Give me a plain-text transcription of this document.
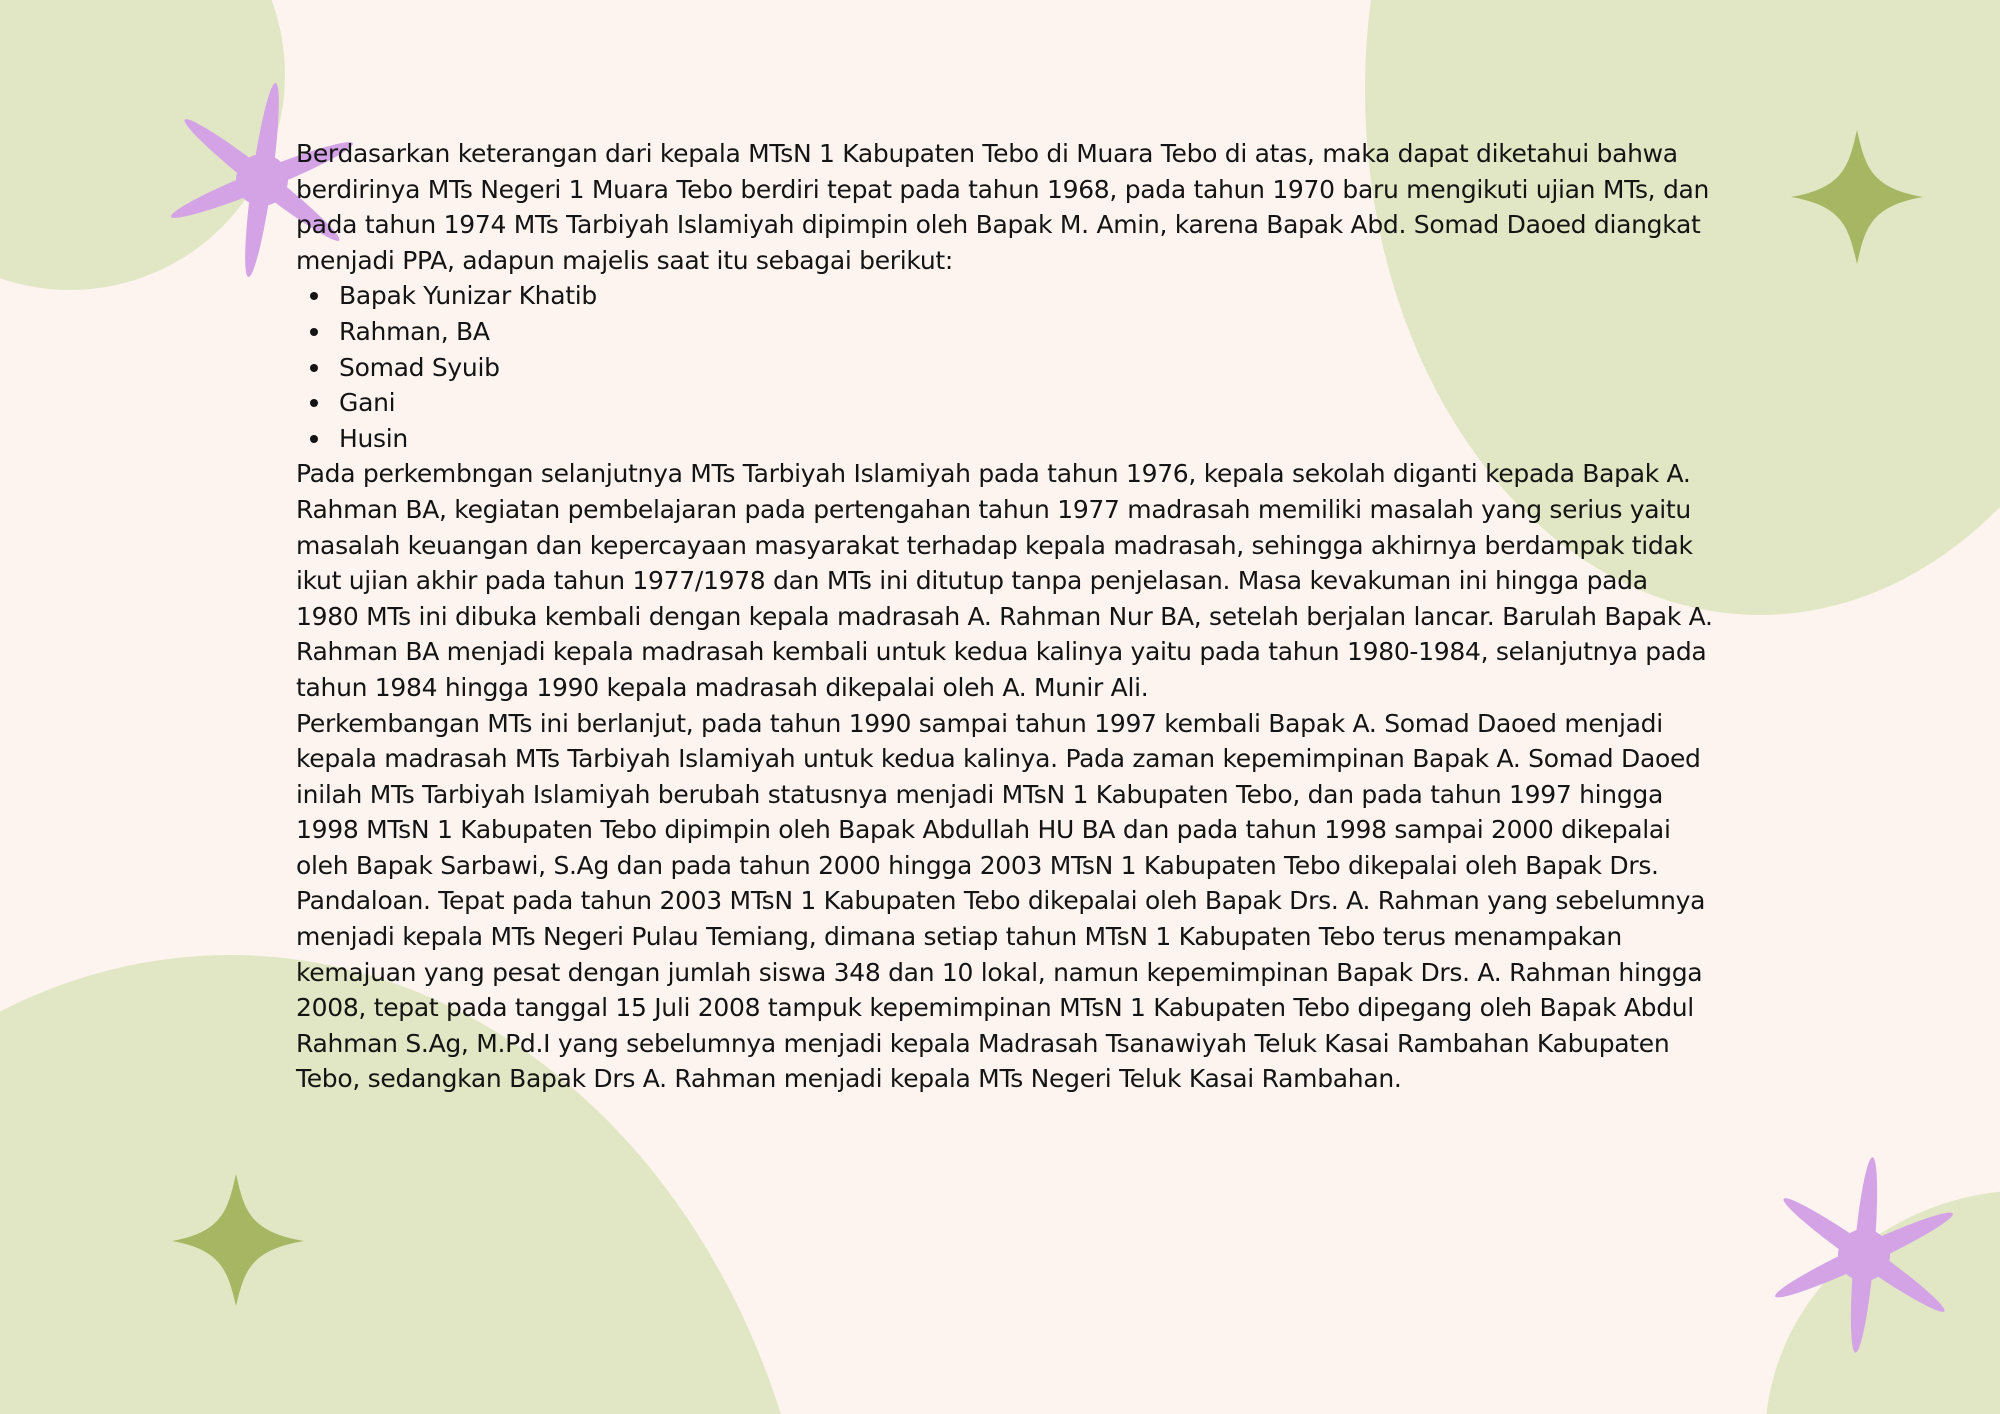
Berdasarkan keterangan dari kepala MTsN 1 Kabupaten Tebo di Muara Tebo di atas, maka dapat diketahui bahwa berdirinya MTs Negeri 1 Muara Tebo berdiri tepat pada tahun 1968, pada tahun 1970 baru mengikuti ujian MTs, dan pada tahun 1974 MTs Tarbiyah Islamiyah dipimpin oleh Bapak M. Amin, karena Bapak Abd. Somad Daoed diangkat menjadi PPA, adapun majelis saat itu sebagai berikut:

Bapak Yunizar Khatib
Rahman, BA
Somad Syuib
Gani
Husin

Pada perkembngan selanjutnya MTs Tarbiyah Islamiyah pada tahun 1976, kepala sekolah diganti kepada Bapak A. Rahman BA, kegiatan pembelajaran pada pertengahan tahun 1977 madrasah memiliki masalah yang serius yaitu masalah keuangan dan kepercayaan masyarakat terhadap kepala madrasah, sehingga akhirnya berdampak tidak ikut ujian akhir pada tahun 1977/1978 dan MTs ini ditutup tanpa penjelasan. Masa kevakuman ini hingga pada 1980 MTs ini dibuka kembali dengan kepala madrasah A. Rahman Nur BA, setelah berjalan lancar. Barulah Bapak A. Rahman BA menjadi kepala madrasah kembali untuk kedua kalinya yaitu pada tahun 1980-1984, selanjutnya pada tahun 1984 hingga 1990 kepala madrasah dikepalai oleh A. Munir Ali.

Perkembangan MTs ini berlanjut, pada tahun 1990 sampai tahun 1997 kembali Bapak A. Somad Daoed menjadi kepala madrasah MTs Tarbiyah Islamiyah untuk kedua kalinya. Pada zaman kepemimpinan Bapak A. Somad Daoed inilah MTs Tarbiyah Islamiyah berubah statusnya menjadi MTsN 1 Kabupaten Tebo, dan pada tahun 1997 hingga 1998 MTsN 1 Kabupaten Tebo dipimpin oleh Bapak Abdullah HU BA dan pada tahun 1998 sampai 2000 dikepalai oleh Bapak Sarbawi, S.Ag dan pada tahun 2000 hingga 2003 MTsN 1 Kabupaten Tebo dikepalai oleh Bapak Drs. Pandaloan. Tepat pada tahun 2003 MTsN 1 Kabupaten Tebo dikepalai oleh Bapak Drs. A. Rahman yang sebelumnya menjadi kepala MTs Negeri Pulau Temiang, dimana setiap tahun MTsN 1 Kabupaten Tebo terus menampakan kemajuan yang pesat dengan jumlah siswa 348 dan 10 lokal, namun kepemimpinan Bapak Drs. A. Rahman hingga 2008, tepat pada tanggal 15 Juli 2008 tampuk kepemimpinan MTsN 1 Kabupaten Tebo dipegang oleh Bapak Abdul Rahman S.Ag, M.Pd.I yang sebelumnya menjadi kepala Madrasah Tsanawiyah Teluk Kasai Rambahan Kabupaten Tebo, sedangkan Bapak Drs A. Rahman menjadi kepala MTs Negeri Teluk Kasai Rambahan.
